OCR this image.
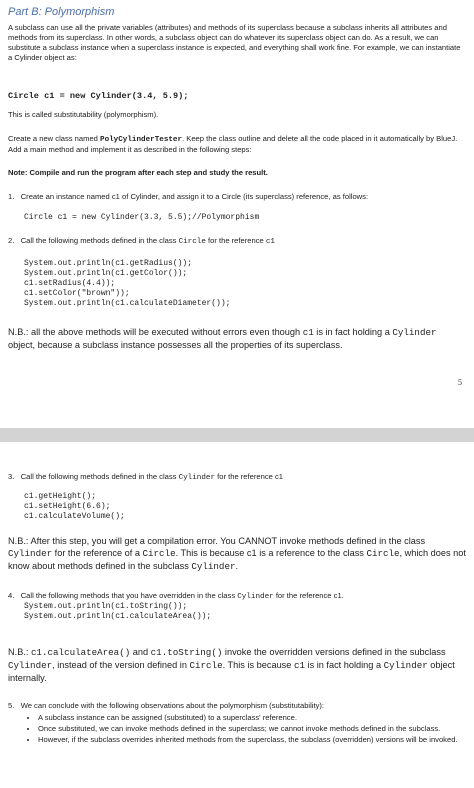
Part B: Polymorphism

A subclass can use all the private variables (attributes) and methods of its superclass because a subclass inherits all attributes and methods from its superclass. In other words, a subclass object can do whatever its superclass object can do. As a result, we can substitute a subclass instance when a superclass instance is expected, and everything shall work fine. For example, we can instantiate a Cylinder object as:

Circle c1 = new Cylinder(3.4, 5.9);

This is called substitutability (polymorphism).

Create a new class named PolyCylinderTester. Keep the class outline and delete all the code placed in it automatically by BlueJ. Add a main method and implement it as described in the following steps:

Note: Compile and run the program after each step and study the result.

1. Create an instance named c1 of Cylinder, and assign it to a Circle (its superclass) reference, as follows:
Circle c1 = new Cylinder(3.3, 5.5);//Polymorphism
2. Call the following methods defined in the class Circle for the reference c1
System.out.println(c1.getRadius());
System.out.println(c1.getColor());
c1.setRadius(4.4));
c1.setColor("brown"));
System.out.println(c1.calculateDiameter());

N.B.: all the above methods will be executed without errors even though c1 is in fact holding a Cylinder object, because a subclass instance possesses all the properties of its superclass.

5
3. Call the following methods defined in the class Cylinder for the reference c1
c1.getHeight();
c1.setHeight(6.6);
c1.calculateVolume();

N.B.: After this step, you will get a compilation error. You CANNOT invoke methods defined in the class Cylinder for the reference of a Circle. This is because c1 is a reference to the class Circle, which does not know about methods defined in the subclass Cylinder.

4. Call the following methods that you have overridden in the class Cylinder for the reference c1.
System.out.println(c1.toString());
System.out.println(c1.calculateArea());

N.B.: c1.calculateArea() and c1.toString() invoke the overridden versions defined in the subclass Cylinder, instead of the version defined in Circle. This is because c1 is in fact holding a Cylinder object internally.

5. We can conclude with the following observations about the polymorphism (substitutability):
• A subclass instance can be assigned (substituted) to a superclass' reference.
• Once substituted, we can invoke methods defined in the superclass; we cannot invoke methods defined in the subclass.
• However, if the subclass overrides inherited methods from the superclass, the subclass (overridden) versions will be invoked.
